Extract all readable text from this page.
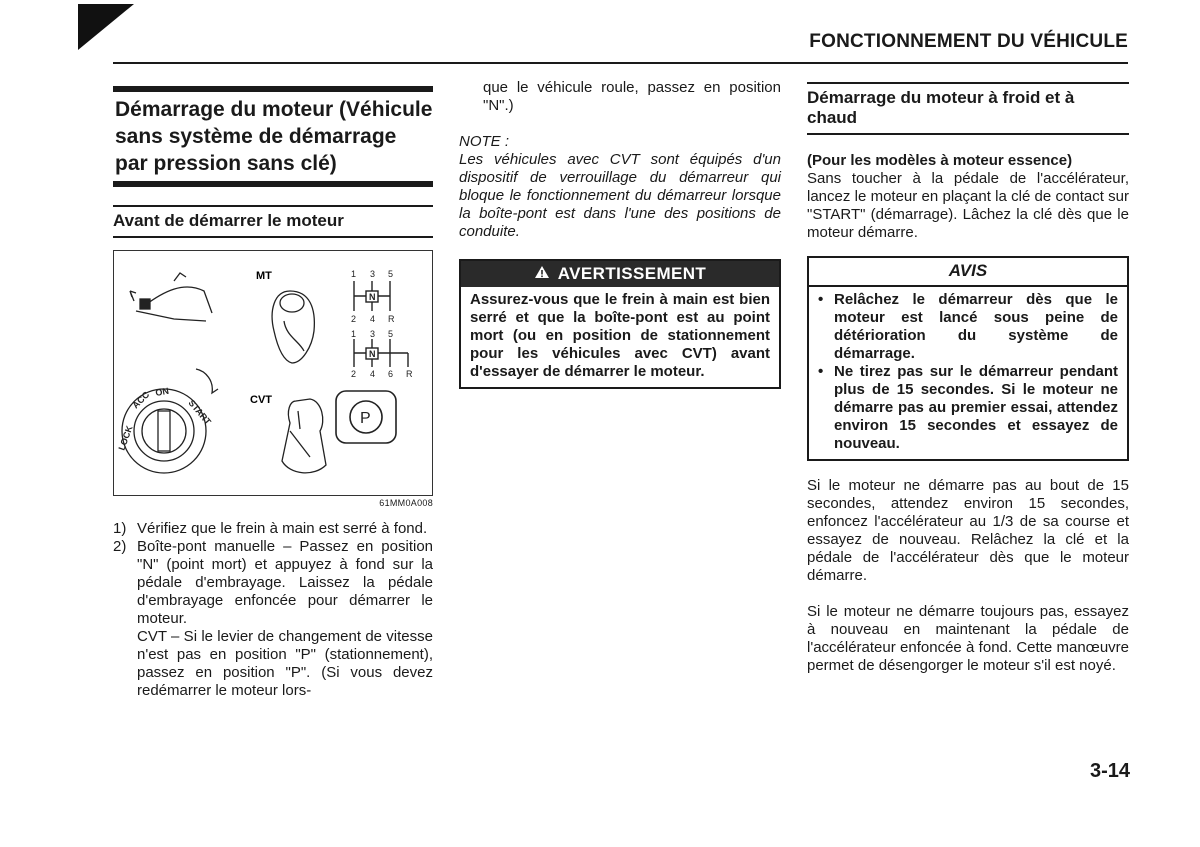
FONCTIONNEMENT DU VÉHICULE
Démarrage du moteur (Véhicule sans système de démarrage par pression sans clé)
Avant de démarrer le moteur
MT	1 3 5
2 4 R
N
1 3 5
2 4 6 R
N
LOCK
ACC ON
START	CVT
P
61MM0A008
1) Vérifiez que le frein à main est serré à fond.
2) Boîte-pont manuelle – Passez en position "N" (point mort) et appuyez à fond sur la pédale d'embrayage. Laissez la pédale d'embrayage enfoncée pour démarrer le moteur.
CVT – Si le levier de changement de vitesse n'est pas en position "P" (stationnement), passez en position "P". (Si vous devez redémarrer le moteur lors-
que le véhicule roule, passez en position "N".)
NOTE :
Les véhicules avec CVT sont équipés d'un dispositif de verrouillage du démarreur qui bloque le fonctionnement du démarreur lorsque la boîte-pont est dans l'une des positions de conduite.
AVERTISSEMENT
Assurez-vous que le frein à main est bien serré et que la boîte-pont est au point mort (ou en position de stationnement pour les véhicules avec CVT) avant d'essayer de démarrer le moteur.
Démarrage du moteur à froid et à chaud
(Pour les modèles à moteur essence)
Sans toucher à la pédale de l'accélérateur, lancez le moteur en plaçant la clé de contact sur "START" (démarrage). Lâchez la clé dès que le moteur démarre.
AVIS
• Relâchez le démarreur dès que le moteur est lancé sous peine de détérioration du système de démarrage.
• Ne tirez pas sur le démarreur pendant plus de 15 secondes. Si le moteur ne démarre pas au premier essai, attendez environ 15 secondes et essayez de nouveau.
Si le moteur ne démarre pas au bout de 15 secondes, attendez environ 15 secondes, enfoncez l'accélérateur au 1/3 de sa course et essayez de nouveau. Relâchez la clé et la pédale de l'accélérateur dès que le moteur démarre.
Si le moteur ne démarre toujours pas, essayez à nouveau en maintenant la pédale de l'accélérateur enfoncée à fond. Cette manœuvre permet de désengorger le moteur s'il est noyé.
3-14
